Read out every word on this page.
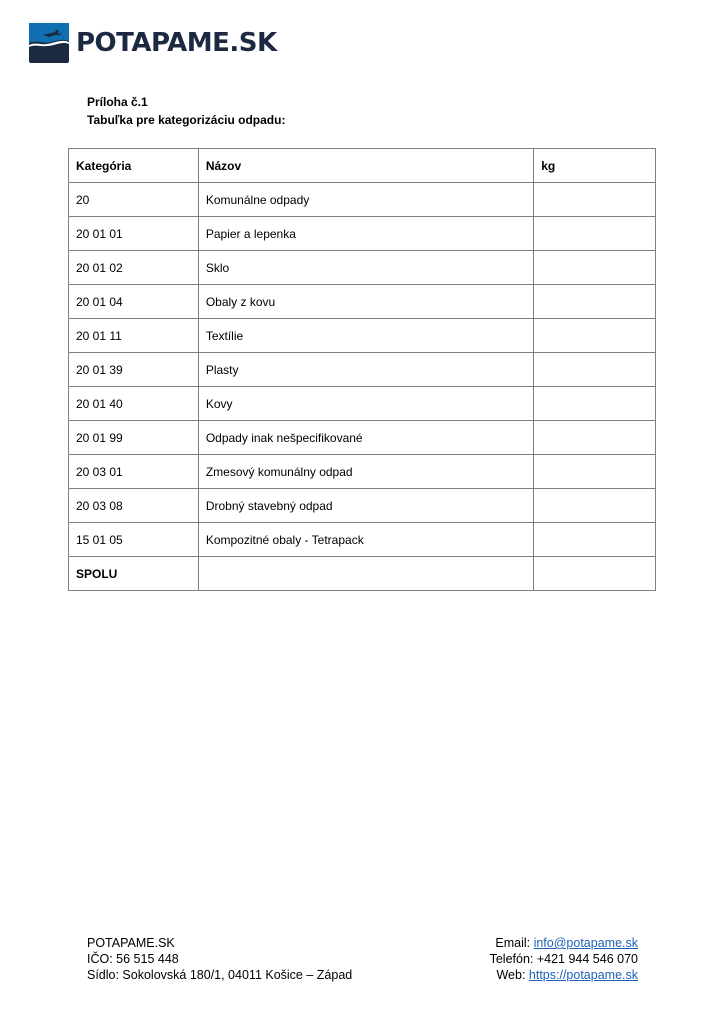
POTAPAME.SK
Príloha č.1
Tabuľka pre kategorizáciu odpadu:
Kategória	Názov	kg
20	Komunálne odpady	
20 01 01	Papier a lepenka	
20 01 02	Sklo	
20 01 04	Obaly z kovu	
20 01 11	Textílie	
20 01 39	Plasty	
20 01 40	Kovy	
20 01 99	Odpady inak nešpecifikované	
20 03 01	Zmesový komunálny odpad	
20 03 08	Drobný stavebný odpad	
15 01 05	Kompozitné obaly - Tetrapack	
SPOLU		
POTAPAME.SK
IČO: 56 515 448
Sídlo: Sokolovská 180/1, 04011 Košice – Západ
Email: info@potapame.sk
Telefón: +421 944 546 070
Web: https://potapame.sk
